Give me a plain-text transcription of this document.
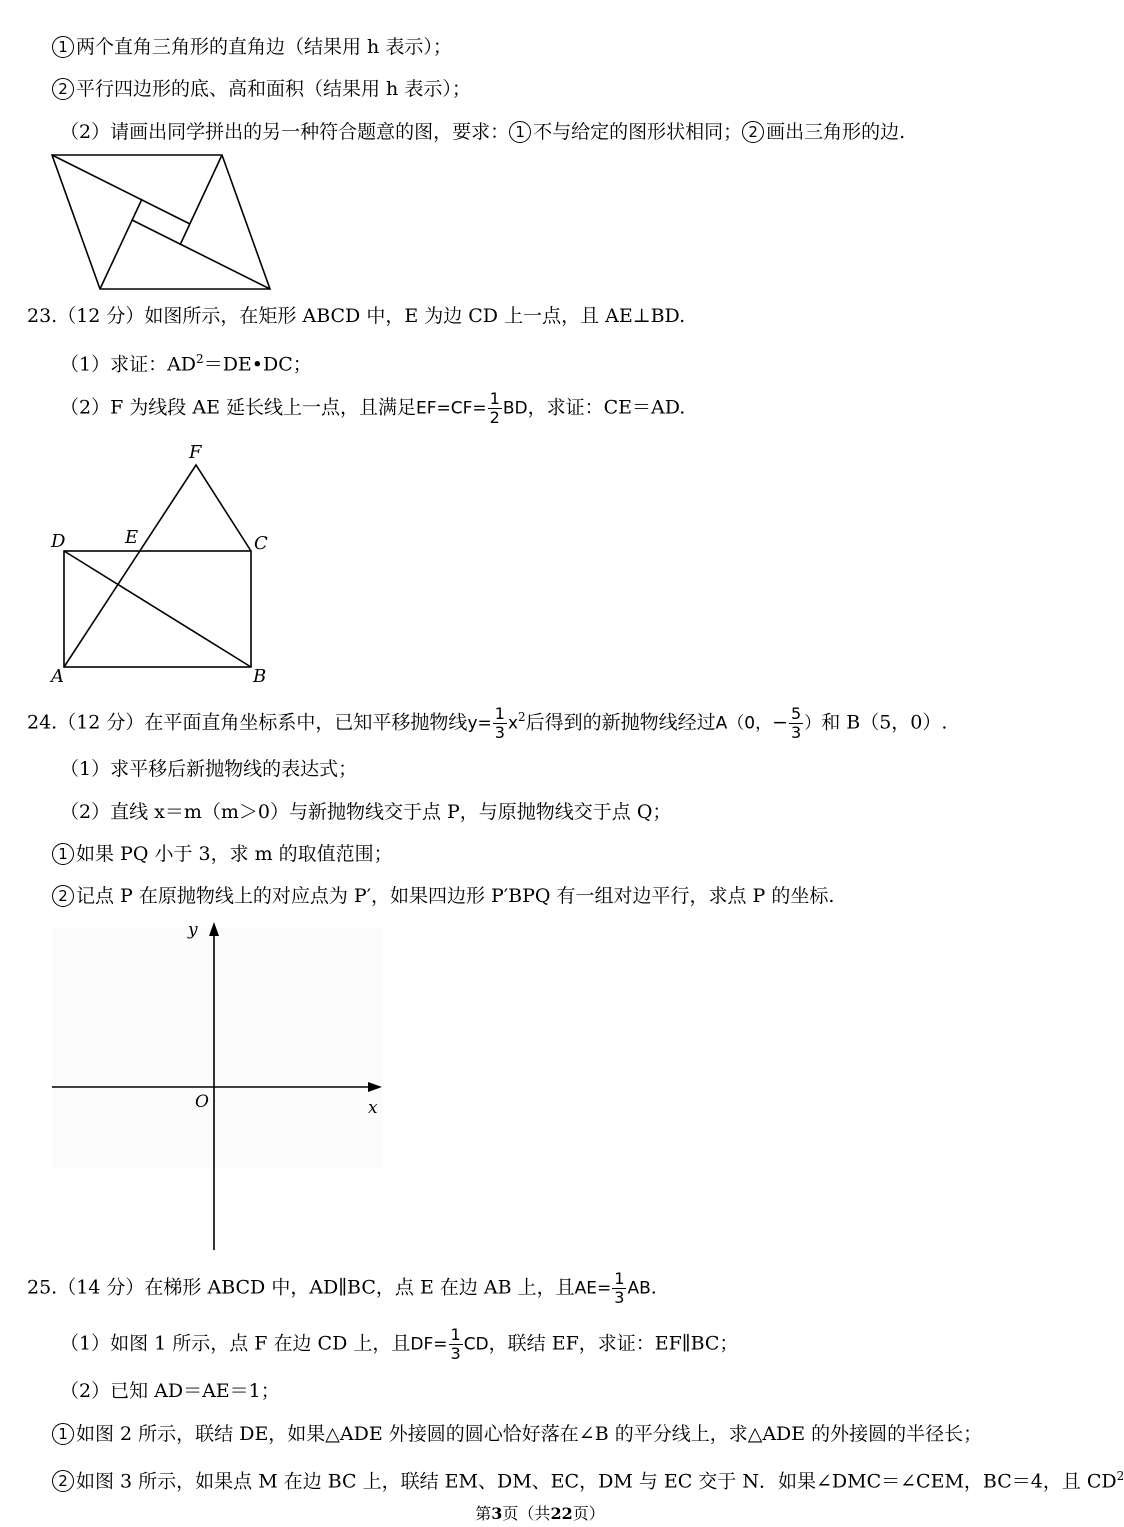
1 两个直角三角形的直角边（结果用 h 表示）；
2 平行四边形的底、高和面积（结果用 h 表示）；
（2）请画出同学拼出的另一种符合题意的图，要求： 1 不与给定的图形状相同； 2 画出三角形的边.
23.（12 分）如图所示，在矩形 ABCD 中，E 为边 CD 上一点，且 AE⊥BD.
（1）求证：$AD^2=DE•DC$；
（2）F 为线段 AE 延长线上一点，且满足$EF=CF= \frac{1}{2}$ BD，求证：CE＝AD.
F
D	E	C
A	B
24.（12 分）在平面直角坐标系中，已知平移抛物线$y= \frac{1}{3} x^2$后得到的新抛物线经过A（0，− $\frac{5}{3}$ ）和 B（5，0）.
（1）求平移后新抛物线的表达式；
（2）直线 x＝m（m＞0）与新抛物线交于点 P，与原抛物线交于点 Q；
1 如果 PQ 小于 3，求 m 的取值范围；
2 记点 P 在原抛物线上的对应点为 P′，如果四边形 P′BPQ 有一组对边平行，求点 P 的坐标.
y
x
O
25.（14 分）在梯形 ABCD 中，AD∥BC，点 E 在边 AB 上，且$AE= \frac{1}{3}$ AB.
（1）如图 1 所示，点 F 在边 CD 上，且$DF= \frac{1}{3}$ CD，联结 EF，求证：EF∥BC；
（2）已知 AD＝AE＝1；
1 如图 2 所示，联结 DE，如果△ADE 外接圆的圆心恰好落在∠B 的平分线上，求△ADE 的外接圆的半径长；
2 如图 3 所示，如果点 M 在边 BC 上，联结 EM、DM、EC，DM 与 EC 交于 N．如果∠DMC＝∠CEM，BC＝4，且 $CD^2$
第3页（共22页）
